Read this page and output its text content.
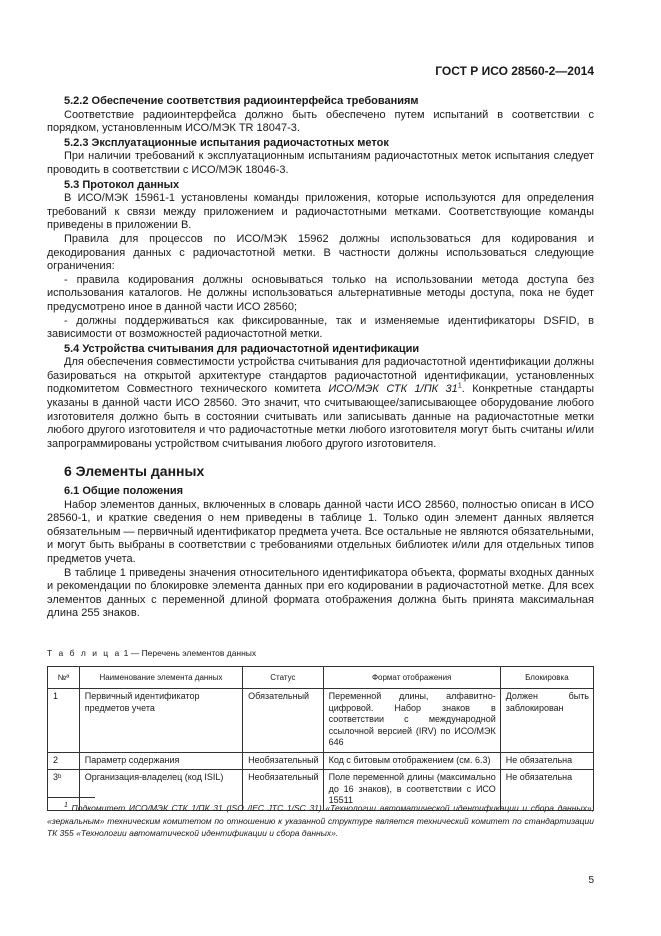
ГОСТ Р ИСО 28560-2—2014
5.2.2 Обеспечение соответствия радиоинтерфейса требованиям

Соответствие радиоинтерфейса должно быть обеспечено путем испытаний в соответствии с порядком, установленным ИСО/МЭК TR 18047-3.

5.2.3 Эксплуатационные испытания радиочастотных меток

При наличии требований к эксплуатационным испытаниям радиочастотных меток испытания следует проводить в соответствии с ИСО/МЭК 18046-3.

5.3 Протокол данных

В ИСО/МЭК 15961-1 установлены команды приложения, которые используются для определения требований к связи между приложением и радиочастотными метками. Соответствующие команды приведены в приложении В.

Правила для процессов по ИСО/МЭК 15962 должны использоваться для кодирования и декодирования данных с радиочастотной метки. В частности должны использоваться следующие ограничения:

- правила кодирования должны основываться только на использовании метода доступа без использования каталогов. Не должны использоваться альтернативные методы доступа, пока не будет предусмотрено иное в данной части ИСО 28560;

- должны поддерживаться как фиксированные, так и изменяемые идентификаторы DSFID, в зависимости от возможностей радиочастотной метки.

5.4 Устройства считывания для радиочастотной идентификации

Для обеспечения совместимости устройства считывания для радиочастотной идентификации должны базироваться на открытой архитектуре стандартов радиочастотной идентификации, установленных подкомитетом Совместного технического комитета ИСО/МЭК СТК 1/ПК $31^1$. Конкретные стандарты указаны в данной части ИСО 28560. Это значит, что считывающее/записывающее оборудование любого изготовителя должно быть в состоянии считывать или записывать данные на радиочастотные метки любого другого изготовителя и что радиочастотные метки любого изготовителя могут быть считаны и/или запрограммированы устройством считывания любого другого изготовителя.

6 Элементы данных
6.1 Общие положения

Набор элементов данных, включенных в словарь данной части ИСО 28560, полностью описан в ИСО 28560-1, и краткие сведения о нем приведены в таблице 1. Только один элемент данных является обязательным — первичный идентификатор предмета учета. Все остальные не являются обязательными, и могут быть выбраны в соответствии с требованиями отдельных библиотек и/или для отдельных типов предметов учета.

В таблице 1 приведены значения относительного идентификатора объекта, форматы входных данных и рекомендации по блокировке элемента данных при его кодировании в радиочастотной метке. Для всех элементов данных с переменной длиной формата отображения должна быть принята максимальная длина 255 знаков.

Т а б л и ц а 1 — Перечень элементов данных
№ª	Наименование элемента данных	Статус	Формат отображения	Блокировка
1	Первичный идентификатор предметов учета	Обязательный	Переменной длины, алфавитно-цифровой. Набор знаков в соответствии с международной ссылочной версией (IRV) по ИСО/МЭК 646	Должен быть заблокирован
2	Параметр содержания	Необязательный	Код с битовым отображением (см. 6.3)	Не обязательна
3ᵇ	Организация-владелец (код ISIL)	Необязательный	Поле переменной длины (максимально до 16 знаков), в соответствии с ИСО 15511	Не обязательна
$^1$ Подкомитет ИСО/МЭК СТК 1/ПК 31 (ISO /IEC JTC 1/SC 31) «Технологии автоматической идентификации и сбора данных»; «зеркальным» техническим комитетом по отношению к указанной структуре является технический комитет по стандартизации ТК 355 «Технологии автоматической идентификации и сбора данных».
5
